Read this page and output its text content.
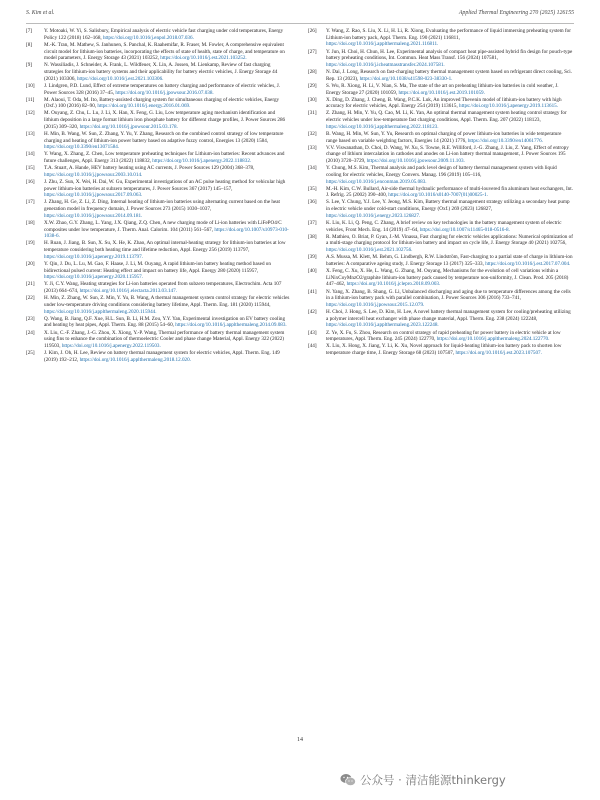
S. Kim et al.	Applied Thermal Engineering 270 (2025) 126155
[7] Y. Motoaki, W. Yi, S. Salisbury, Empirical analysis of electric vehicle fast charging under cold temperatures, Energy Policy 122 (2018) 162–168, https://doi.org/10.1016/j.enpol.2018.07.036.
[8] M.-K. Tran, M. Mathew, S. Janhunen, S. Panchal, K. Raahemifar, R. Fraser, M. Fowler, A comprehensive equivalent circuit model for lithium-ion batteries, incorporating the effects of state of health, state of charge, and temperature on model parameters, J. Energy Storage 43 (2021) 103252, https://doi.org/10.1016/j.est.2021.103252.
[9] N. Wassiliadis, J. Schneider, A. Frank, L. Wildfeuer, X. Lin, A. Jossen, M. Lienkamp, Review of fast charging strategies for lithium-ion battery systems and their applicability for battery electric vehicles, J. Energy Storage 44 (2021) 103306, https://doi.org/10.1016/j.est.2021.103306.
[10] J. Lindgren, P.D. Lund, Effect of extreme temperatures on battery charging and performance of electric vehicles, J. Power Sources 328 (2016) 37–45, https://doi.org/10.1016/j.jpowsour.2016.07.038.
[11] M. Alaoui, T. Oda, M. Ito, Battery-assisted charging system for simultaneous charging of electric vehicles, Energy (Oxf.) 100 (2016) 82–90, https://doi.org/10.1016/j.energy.2016.01.069.
[12] M. Ouyang, Z. Chu, L. Lu, J. Li, X. Han, X. Feng, G. Liu, Low temperature aging mechanism identification and lithium deposition in a large format lithium iron phosphate battery for different charge profiles, J. Power Sources 286 (2015) 309–320, https://doi.org/10.1016/j.jpowsour.2015.03.178.
[13] H. Min, B. Wang, W. Sun, Z. Zhang, Y. Yu, Y. Zhang, Research on the combined control strategy of low temperature charging and heating of lithium-ion power battery based on adaptive fuzzy control, Energies 13 (2020) 1584, https://doi.org/10.3390/en13071584.
[14] Y. Wang, X. Zhang, Z. Chen, Low temperature preheating techniques for Lithium-ion batteries: Recent advances and future challenges, Appl. Energy 313 (2022) 118832, https://doi.org/10.1016/j.apenergy.2022.118832.
[15] T.A. Stuart, A. Hande, HEV battery heating using AC currents, J. Power Sources 129 (2004) 368–378, https://doi.org/10.1016/j.jpowsour.2003.10.014.
[16] J. Zhu, Z. Sun, X. Wei, H. Dai, W. Gu, Experimental investigations of an AC pulse heating method for vehicular high power lithium-ion batteries at subzero temperatures, J. Power Sources 367 (2017) 145–157, https://doi.org/10.1016/j.jpowsour.2017.09.063.
[17] J. Zhang, H. Ge, Z. Li, Z. Ding, Internal heating of lithium-ion batteries using alternating current based on the heat generation model in frequency domain, J. Power Sources 273 (2015) 1030–1037, https://doi.org/10.1016/j.jpowsour.2014.09.181.
[18] X.W. Zhao, G.Y. Zhang, L. Yang, J.X. Qiang, Z.Q. Chen, A new charging mode of Li-ion batteries with LiFePO4/C composites under low temperature, J. Therm. Anal. Calorim. 104 (2011) 561–567, https://doi.org/10.1007/s10973-010-1038-6.
[19] H. Ruan, J. Jiang, B. Sun, X. Su, X. He, K. Zhao, An optimal internal-heating strategy for lithium-ion batteries at low temperature considering both heating time and lifetime reduction, Appl. Energy 256 (2019) 113797, https://doi.org/10.1016/j.apenergy.2019.113797.
[20] Y. Qin, J. Du, L. Lu, M. Gao, F. Haase, J. Li, M. Ouyang, A rapid lithium-ion battery heating method based on bidirectional pulsed current: Heating effect and impact on battery life, Appl. Energy 280 (2020) 115957, https://doi.org/10.1016/j.apenergy.2020.115957.
[21] Y. Ji, C.Y. Wang, Heating strategies for Li-ion batteries operated from subzero temperatures, Electrochim. Acta 107 (2013) 664–674, https://doi.org/10.1016/j.electacta.2013.03.147.
[22] H. Min, Z. Zhang, W. Sun, Z. Min, Y. Yu, B. Wang, A thermal management system control strategy for electric vehicles under low-temperature driving conditions considering battery lifetime, Appl. Therm. Eng. 181 (2020) 115944, https://doi.org/10.1016/j.applthermaleng.2020.115944.
[23] Q. Wang, B. Jiang, Q.F. Xue, H.L. Sun, B. Li, H.M. Zou, Y.Y. Yan, Experimental investigation on EV battery cooling and heating by heat pipes, Appl. Therm. Eng. 88 (2015) 54–60, https://doi.org/10.1016/j.applthermaleng.2014.09.083.
[24] X. Liu, C.-F. Zhang, J.-G. Zhou, X. Xiong, Y.-P. Wang, Thermal performance of battery thermal management system using fins to enhance the combination of thermoelectric Cooler and phase change Material, Appl. Energy 322 (2022) 119503, https://doi.org/10.1016/j.apenergy.2022.119503.
[25] J. Kim, J. Oh, H. Lee, Review on battery thermal management system for electric vehicles, Appl. Therm. Eng. 149 (2019) 192–212, https://doi.org/10.1016/j.applthermaleng.2018.12.020.
[26] Y. Wang, Z. Rao, S. Liu, X. Li, H. Li, R. Xiong, Evaluating the performance of liquid immersing preheating system for Lithium-ion battery pack, Appl. Therm. Eng. 190 (2021) 116811, https://doi.org/10.1016/j.applthermaleng.2021.116811.
[27] Y. Jun, H. Choi, H. Chun, H. Lee, Experimental analysis of compact heat pipe-assisted hybrid fin design for pouch-type battery preheating conditions, Int. Commun. Heat Mass Transf. 156 (2024) 107581, https://doi.org/10.1016/j.icheatmasstransfer.2024.107581.
[28] N. Dai, J. Long, Research on fast-charging battery thermal management system based on refrigerant direct cooling, Sci. Rep. 13 (2023), https://doi.org/10.1038/s41598-023-38330-1.
[29] S. Wu, R. Xiong, H. Li, V. Nian, S. Ma, The state of the art on preheating lithium-ion batteries in cold weather, J. Energy Storage 27 (2020) 101059, https://doi.org/10.1016/j.est.2019.101059.
[30] X. Ding, D. Zhang, J. Cheng, B. Wang, P.C.K. Luk, An improved Thevenin model of lithium-ion battery with high accuracy for electric vehicles, Appl. Energy 254 (2019) 113615, https://doi.org/10.1016/j.apenergy.2019.113615.
[31] Z. Zhang, H. Min, Y. Yu, Q. Cao, M. Li, K. Yan, An optimal thermal management system heating control strategy for electric vehicles under low-temperature fast charging conditions, Appl. Therm. Eng. 207 (2022) 118123, https://doi.org/10.1016/j.applthermaleng.2022.118123.
[32] B. Wang, H. Min, W. Sun, Y. Yu, Research on optimal charging of power lithium-ion batteries in wide temperature range based on variable weighting factors, Energies 14 (2021) 1776, https://doi.org/10.3390/en14061776.
[33] V.V. Viswanathan, D. Choi, D. Wang, W. Xu, S. Towne, R.E. Williford, J.-G. Zhang, J. Liu, Z. Yang, Effect of entropy change of lithium intercalation in cathodes and anodes on Li-ion battery thermal management, J. Power Sources 195 (2010) 3720–3729, https://doi.org/10.1016/j.jpowsour.2009.11.103.
[34] Y. Chung, M.S. Kim, Thermal analysis and pack level design of battery thermal management system with liquid cooling for electric vehicles, Energy Convers. Manag. 196 (2019) 105–116, https://doi.org/10.1016/j.enconman.2019.05.083.
[35] M.-H. Kim, C.W. Bullard, Air-side thermal hydraulic performance of multi-louvered fin aluminum heat exchangers, Int. J. Refrig. 25 (2002) 390–400, https://doi.org/10.1016/s0140-7007(01)00025-1.
[36] S. Lee, Y. Chung, Y.J. Lee, Y. Jeong, M.S. Kim, Battery thermal management strategy utilizing a secondary heat pump in electric vehicle under cold-start conditions, Energy (Oxf.) 269 (2023) 126827, https://doi.org/10.1016/j.energy.2023.126827.
[37] K. Liu, K. Li, Q. Peng, C. Zhang, A brief review on key technologies in the battery management system of electric vehicles, Front Mech. Eng. 14 (2019) 47–64, https://doi.org/10.1007/s11465-018-0516-8.
[38] R. Mathieu, O. Briat, P. Gyan, J.-M. Vinassa, Fast charging for electric vehicles applications: Numerical optimization of a multi-stage charging protocol for lithium-ion battery and impact on cycle life, J. Energy Storage 40 (2021) 102756, https://doi.org/10.1016/j.est.2021.102756.
[39] A.S. Mussa, M. Klett, M. Behm, G. Lindbergh, R.W. Lindström, Fast-charging to a partial state of charge in lithium-ion batteries: A comparative ageing study, J. Energy Storage 13 (2017) 325–333, https://doi.org/10.1016/j.est.2017.07.004.
[40] X. Feng, C. Xu, X. He, L. Wang, G. Zhang, M. Ouyang, Mechanisms for the evolution of cell variations within a LiNixCoyMnzO2/graphite lithium-ion battery pack caused by temperature non-uniformity, J. Clean. Prod. 205 (2018) 447–462, https://doi.org/10.1016/j.jclepro.2018.09.003.
[41] N. Yang, X. Zhang, B. Shang, G. Li, Unbalanced discharging and aging due to temperature differences among the cells in a lithium-ion battery pack with parallel combination, J. Power Sources 306 (2016) 733–741, https://doi.org/10.1016/j.jpowsour.2015.12.079.
[42] H. Choi, J. Hong, S. Lee, D. Kim, H. Lee, A novel battery thermal management system for cooling/preheating utilizing a polymer intercell heat exchanger with phase change material, Appl. Therm. Eng. 238 (2024) 122248, https://doi.org/10.1016/j.applthermaleng.2023.122248.
[43] Z. Ye, X. Fu, S. Zhou, Research on control strategy of rapid preheating for power battery in electric vehicle at low temperatures, Appl. Therm. Eng. 245 (2024) 122770, https://doi.org/10.1016/j.applthermaleng.2024.122770.
[44] X. Liu, X. Hong, X. Jiang, Y. Li, K. Xu, Novel approach for liquid-heating lithium-ion battery pack to shorten low temperature charge time, J. Energy Storage 68 (2023) 107507, https://doi.org/10.1016/j.est.2023.107507.
14
公众号 · 清洁能源thinkergy
